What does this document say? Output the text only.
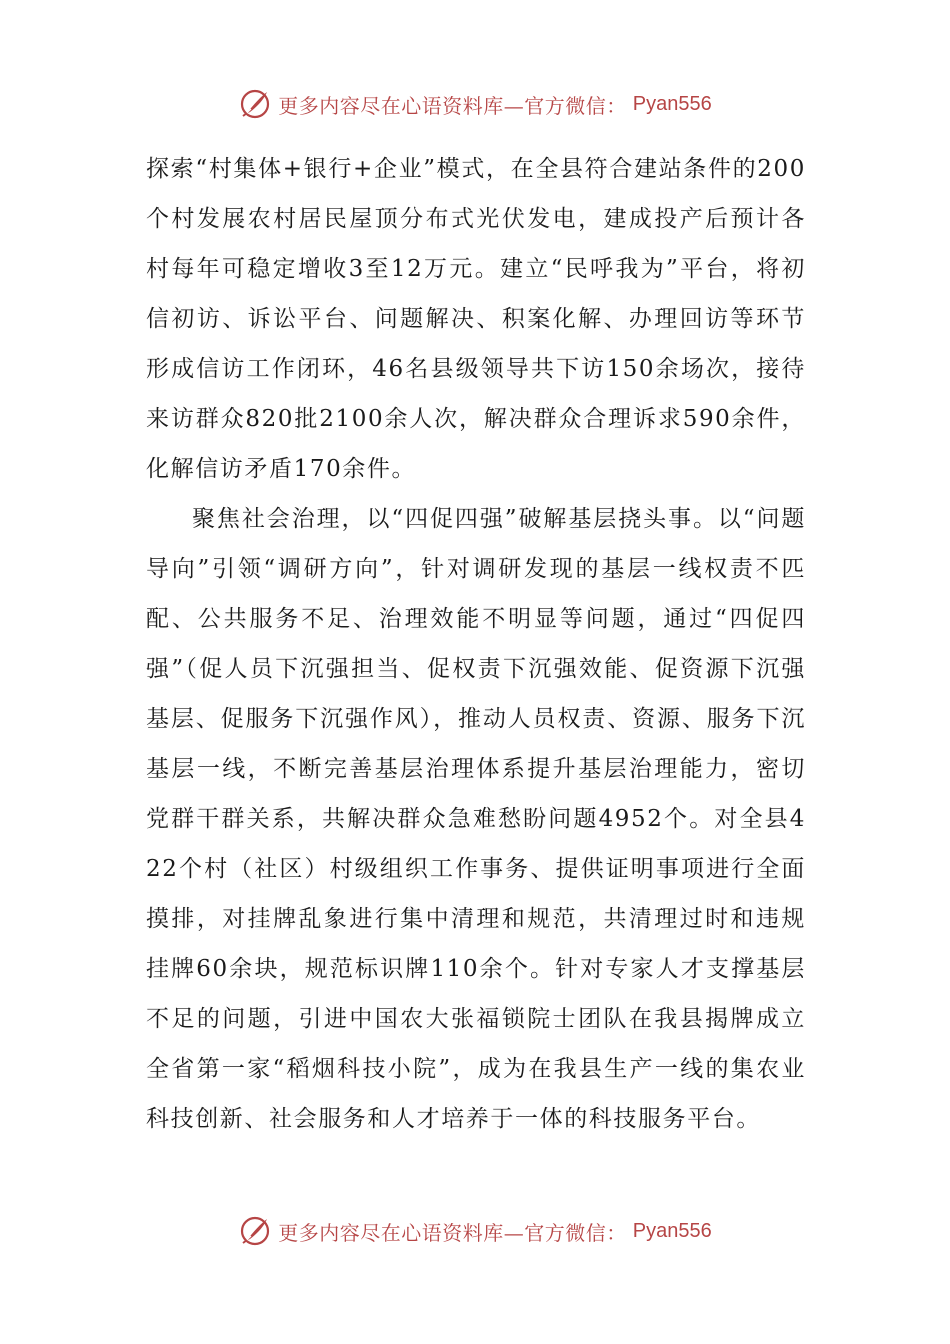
更多内容尽在心语资料库—官方微信： Pyan556

探索“村集体+银行+企业”模式，在全县符合建站条件的200个村发展农村居民屋顶分布式光伏发电，建成投产后预计各村每年可稳定增收3至12万元。建立“民呼我为”平台，将初信初访、诉讼平台、问题解决、积案化解、办理回访等环节形成信访工作闭环，46名县级领导共下访150余场次，接待来访群众820批2100余人次，解决群众合理诉求590余件，化解信访矛盾170余件。

聚焦社会治理，以“四促四强”破解基层挠头事。以“问题导向”引领“调研方向”，针对调研发现的基层一线权责不匹配、公共服务不足、治理效能不明显等问题，通过“四促四强”（促人员下沉强担当、促权责下沉强效能、促资源下沉强基层、促服务下沉强作风），推动人员权责、资源、服务下沉基层一线，不断完善基层治理体系提升基层治理能力，密切党群干群关系，共解决群众急难愁盼问题4952个。对全县422个村（社区）村级组织工作事务、提供证明事项进行全面摸排，对挂牌乱象进行集中清理和规范，共清理过时和违规挂牌60余块，规范标识牌110余个。针对专家人才支撑基层不足的问题，引进中国农大张福锁院士团队在我县揭牌成立全省第一家“稻烟科技小院”，成为在我县生产一线的集农业科技创新、社会服务和人才培养于一体的科技服务平台。

更多内容尽在心语资料库—官方微信： Pyan556
